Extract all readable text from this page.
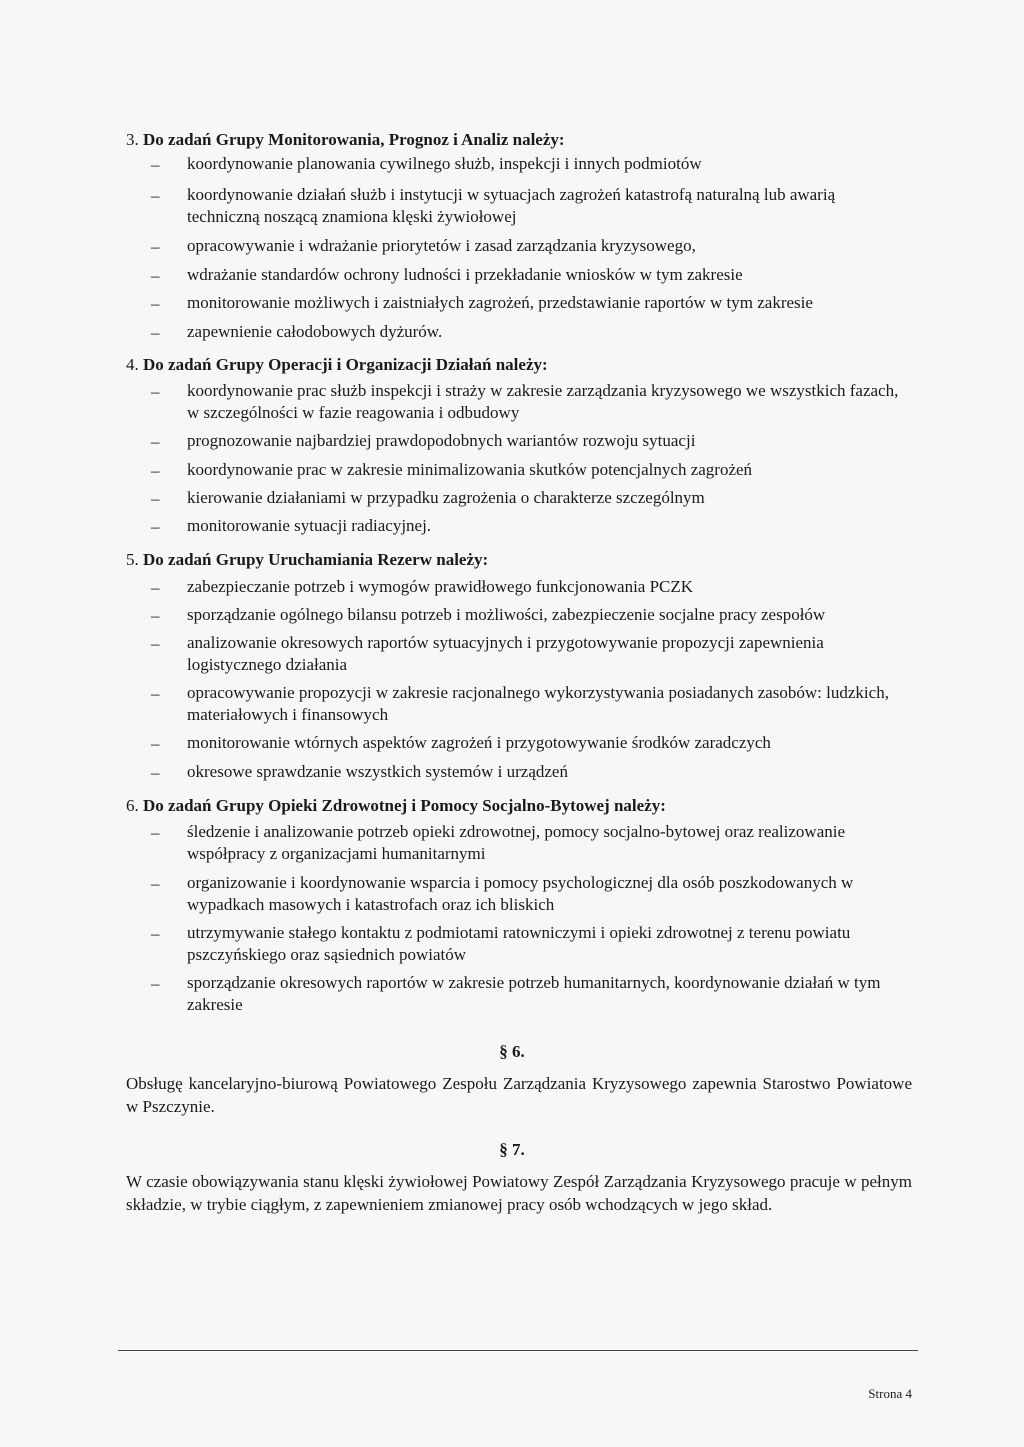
3. Do zadań Grupy Monitorowania, Prognoz i Analiz należy:
– koordynowanie planowania cywilnego służb, inspekcji i innych podmiotów
– koordynowanie działań służb i instytucji w sytuacjach zagrożeń katastrofą naturalną lub awarią techniczną noszącą znamiona klęski żywiołowej
– opracowywanie i wdrażanie priorytetów i zasad zarządzania kryzysowego,
– wdrażanie standardów ochrony ludności i przekładanie wniosków w tym zakresie
– monitorowanie możliwych i zaistniałych zagrożeń, przedstawianie raportów w tym zakresie
– zapewnienie całodobowych dyżurów.
4. Do zadań Grupy Operacji i Organizacji Działań należy:
– koordynowanie prac służb inspekcji i straży w zakresie zarządzania kryzysowego we wszystkich fazach, w szczególności w fazie reagowania i odbudowy
– prognozowanie najbardziej prawdopodobnych wariantów rozwoju sytuacji
– koordynowanie prac w zakresie minimalizowania skutków potencjalnych zagrożeń
– kierowanie działaniami w przypadku zagrożenia o charakterze szczególnym
– monitorowanie sytuacji radiacyjnej.
5. Do zadań Grupy Uruchamiania Rezerw należy:
– zabezpieczanie potrzeb i wymogów prawidłowego funkcjonowania PCZK
– sporządzanie ogólnego bilansu potrzeb i możliwości, zabezpieczenie socjalne pracy zespołów
– analizowanie okresowych raportów sytuacyjnych i przygotowywanie propozycji zapewnienia logistycznego działania
– opracowywanie propozycji w zakresie racjonalnego wykorzystywania posiadanych zasobów: ludzkich, materiałowych i finansowych
– monitorowanie wtórnych aspektów zagrożeń i przygotowywanie środków zaradczych
– okresowe sprawdzanie wszystkich systemów i urządzeń
6. Do zadań Grupy Opieki Zdrowotnej i Pomocy Socjalno-Bytowej należy:
– śledzenie i analizowanie potrzeb opieki zdrowotnej, pomocy socjalno-bytowej oraz realizowanie współpracy z organizacjami humanitarnymi
– organizowanie i koordynowanie wsparcia i pomocy psychologicznej dla osób poszkodowanych w wypadkach masowych i katastrofach oraz ich bliskich
– utrzymywanie stałego kontaktu z podmiotami ratowniczymi i opieki zdrowotnej z terenu powiatu pszczyńskiego oraz sąsiednich powiatów
– sporządzanie okresowych raportów w zakresie potrzeb humanitarnych, koordynowanie działań w tym zakresie
§ 6.
Obsługę kancelaryjno-biurową Powiatowego Zespołu Zarządzania Kryzysowego zapewnia Starostwo Powiatowe w Pszczynie.
§ 7.
W czasie obowiązywania stanu klęski żywiołowej Powiatowy Zespół Zarządzania Kryzysowego pracuje w pełnym składzie, w trybie ciągłym, z zapewnieniem zmianowej pracy osób wchodzących w jego skład.
Strona 4
